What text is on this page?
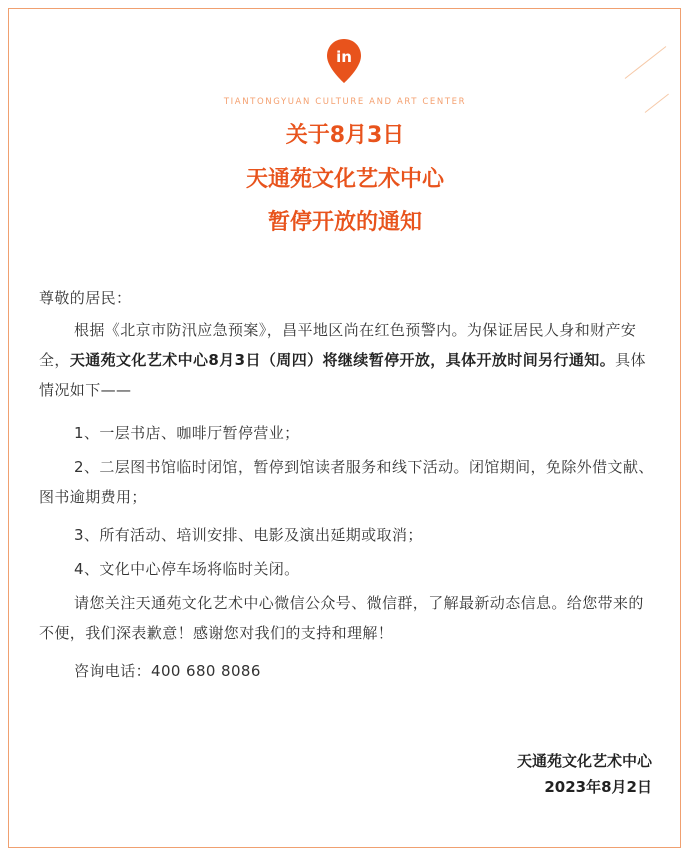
in
TIANTONGYUAN CULTURE AND ART CENTER
关于8月3日
天通苑文化艺术中心
暂停开放的通知

尊敬的居民：

根据《北京市防汛应急预案》，昌平地区尚在红色预警内。为保证居民人身和财产安全，天通苑文化艺术中心8月3日（周四）将继续暂停开放，具体开放时间另行通知。具体情况如下——

1、一层书店、咖啡厅暂停营业；

2、二层图书馆临时闭馆，暂停到馆读者服务和线下活动。闭馆期间，免除外借文献、图书逾期费用；

3、所有活动、培训安排、电影及演出延期或取消；

4、文化中心停车场将临时关闭。

请您关注天通苑文化艺术中心微信公众号、微信群，了解最新动态信息。给您带来的不便，我们深表歉意！感谢您对我们的支持和理解！

咨询电话：400 680 8086

天通苑文化艺术中心
2023年8月2日
